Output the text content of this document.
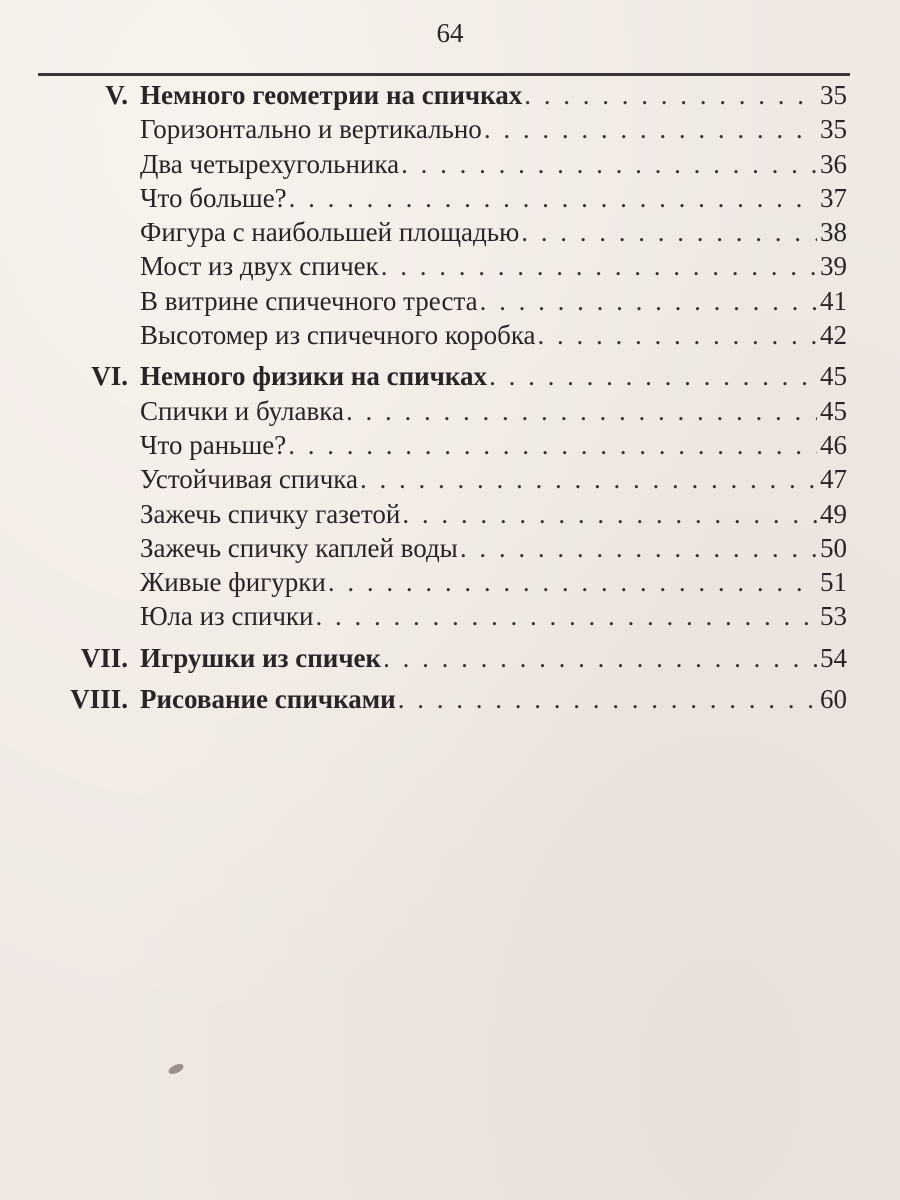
64
V. Немного геометрии на спичках . . .	35
Горизонтально и вертикально . . .	35
Два четырехугольника . . .	36
Что больше? . . .	37
Фигура с наибольшей площадью . . .	38
Мост из двух спичек . . .	39
В витрине спичечного треста . . .	41
Высотомер из спичечного коробка . . .	42
VI. Немного физики на спичках . . .	45
Спички и булавка . . .	45
Что раньше? . . .	46
Устойчивая спичка . . .	47
Зажечь спичку газетой . . .	49
Зажечь спичку каплей воды . . .	50
Живые фигурки . . .	51
Юла из спички . . .	53
VII. Игрушки из спичек . . .	54
VIII. Рисование спичками . . .	60
